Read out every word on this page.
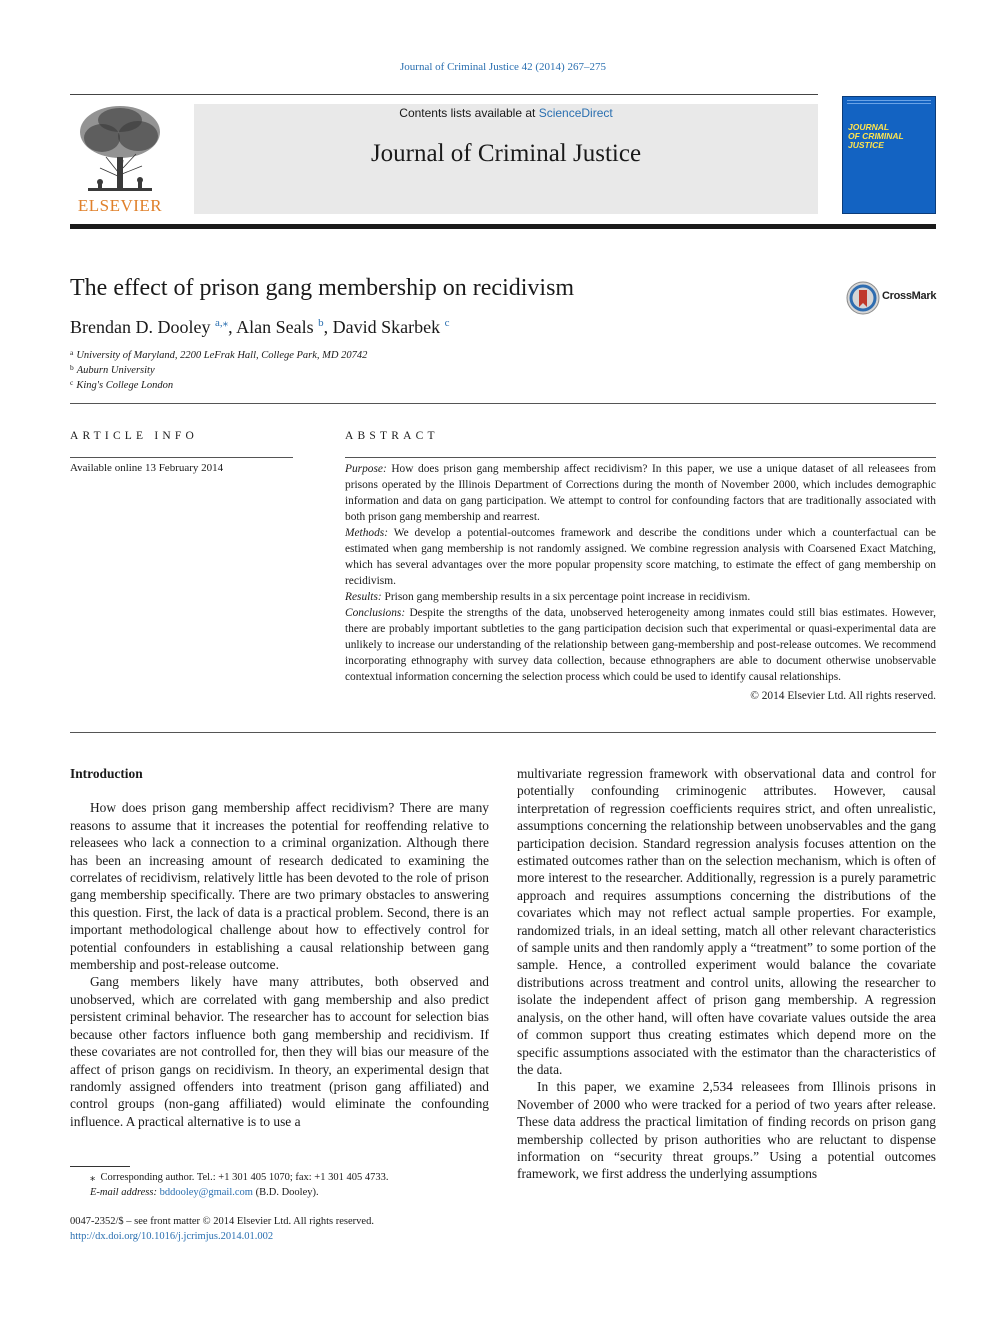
Journal of Criminal Justice 42 (2014) 267–275
ELSEVIER
Contents lists available at ScienceDirect
Journal of Criminal Justice
JOURNAL
OF CRIMINAL
JUSTICE
The effect of prison gang membership on recidivism	CrossMark
Brendan D. Dooley $^{a,⁎}$, Alan Seals $^b$, David Skarbek $^c$
$^a$ University of Maryland, 2200 LeFrak Hall, College Park, MD 20742
$^b$ Auburn University
$^c$ King's College London
ARTICLE INFO	ABSTRACT
Available online 13 February 2014	Purpose: How does prison gang membership affect recidivism? In this paper, we use a unique dataset of all releasees from prisons operated by the Illinois Department of Corrections during the month of November 2000, which includes demographic information and data on gang participation. We attempt to control for confounding factors that are traditionally associated with both prison gang membership and rearrest.

Methods: We develop a potential-outcomes framework and describe the conditions under which a counterfactual can be estimated when gang membership is not randomly assigned. We combine regression analysis with Coarsened Exact Matching, which has several advantages over the more popular propensity score matching, to estimate the effect of gang membership on recidivism.

Results: Prison gang membership results in a six percentage point increase in recidivism.

Conclusions: Despite the strengths of the data, unobserved heterogeneity among inmates could still bias estimates. However, there are probably important subtleties to the gang participation decision such that experimental or quasi-experimental data are unlikely to increase our understanding of the relationship between gang-membership and post-release outcomes. We recommend incorporating ethnography with survey data collection, because ethnographers are able to document otherwise unobservable contextual information concerning the selection process which could be used to identify causal relationships.

© 2014 Elsevier Ltd. All rights reserved.

Introduction

How does prison gang membership affect recidivism? There are many reasons to assume that it increases the potential for reoffending relative to releasees who lack a connection to a criminal organization. Although there has been an increasing amount of research dedicated to examining the correlates of recidivism, relatively little has been devoted to the role of prison gang membership specifically. There are two primary obstacles to answering this question. First, the lack of data is a practical problem. Second, there is an important methodological challenge about how to effectively control for potential confounders in establishing a causal relationship between gang membership and post-release outcome.

Gang members likely have many attributes, both observed and unobserved, which are correlated with gang membership and also predict persistent criminal behavior. The researcher has to account for selection bias because other factors influence both gang membership and recidivism. If these covariates are not controlled for, then they will bias our measure of the affect of prison gangs on recidivism. In theory, an experimental design that randomly assigned offenders into treatment (prison gang affiliated) and control groups (non-gang affiliated) would eliminate the confounding influence. A practical alternative is to use a

multivariate regression framework with observational data and control for potentially confounding criminogenic attributes. However, causal interpretation of regression coefficients requires strict, and often unrealistic, assumptions concerning the relationship between unobservables and the gang participation decision. Standard regression analysis focuses attention on the estimated outcomes rather than on the selection mechanism, which is often of more interest to the researcher. Additionally, regression is a purely parametric approach and requires assumptions concerning the distributions of the covariates which may not reflect actual sample properties. For example, randomized trials, in an ideal setting, match all other relevant characteristics of sample units and then randomly apply a “treatment” to some portion of the sample. Hence, a controlled experiment would balance the covariate distributions across treatment and control units, allowing the researcher to isolate the independent affect of prison gang membership. A regression analysis, on the other hand, will often have covariate values outside the area of common support thus creating estimates which depend more on the specific assumptions associated with the estimator than the characteristics of the data.

In this paper, we examine 2,534 releasees from Illinois prisons in November of 2000 who were tracked for a period of two years after release. These data address the practical limitation of finding records on prison gang membership collected by prison authorities who are reluctant to dispense information on “security threat groups.” Using a potential outcomes framework, we first address the underlying assumptions

⁎ Corresponding author. Tel.: +1 301 405 1070; fax: +1 301 405 4733.
E-mail address: bddooley@gmail.com (B.D. Dooley).
0047-2352/$ – see front matter © 2014 Elsevier Ltd. All rights reserved.
http://dx.doi.org/10.1016/j.jcrimjus.2014.01.002
